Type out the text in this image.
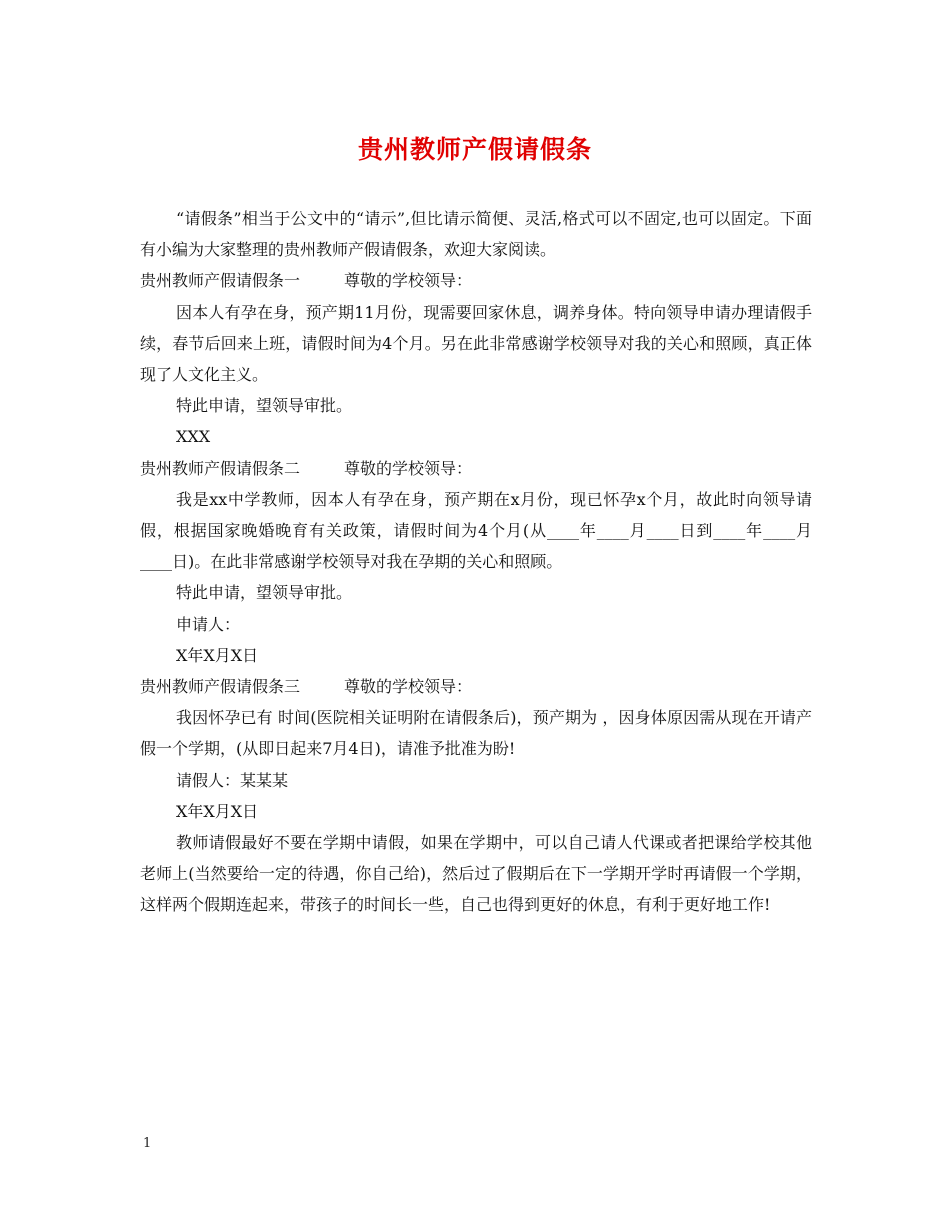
贵州教师产假请假条

“请假条”相当于公文中的“请示”,但比请示简便、灵活,格式可以不固定,也可以固定。下面有小编为大家整理的贵州教师产假请假条，欢迎大家阅读。

贵州教师产假请假条一	尊敬的学校领导：

因本人有孕在身，预产期11月份，现需要回家休息，调养身体。特向领导申请办理请假手续，春节后回来上班，请假时间为4个月。另在此非常感谢学校领导对我的关心和照顾，真正体现了人文化主义。

特此申请，望领导审批。

XXX

贵州教师产假请假条二	尊敬的学校领导：

我是xx中学教师，因本人有孕在身，预产期在x月份，现已怀孕x个月，故此时向领导请假，根据国家晚婚晚育有关政策，请假时间为4个月(从____年____月____日到____年____月____日)。在此非常感谢学校领导对我在孕期的关心和照顾。

特此申请，望领导审批。

申请人：

X年X月X日

贵州教师产假请假条三	尊敬的学校领导：

我因怀孕已有 时间(医院相关证明附在请假条后)，预产期为 ，因身体原因需从现在开请产假一个学期，(从即日起来7月4日)，请准予批准为盼!

请假人：某某某

X年X月X日

教师请假最好不要在学期中请假，如果在学期中，可以自己请人代课或者把课给学校其他老师上(当然要给一定的待遇，你自己给)，然后过了假期后在下一学期开学时再请假一个学期，这样两个假期连起来，带孩子的时间长一些，自己也得到更好的休息，有利于更好地工作!

1
